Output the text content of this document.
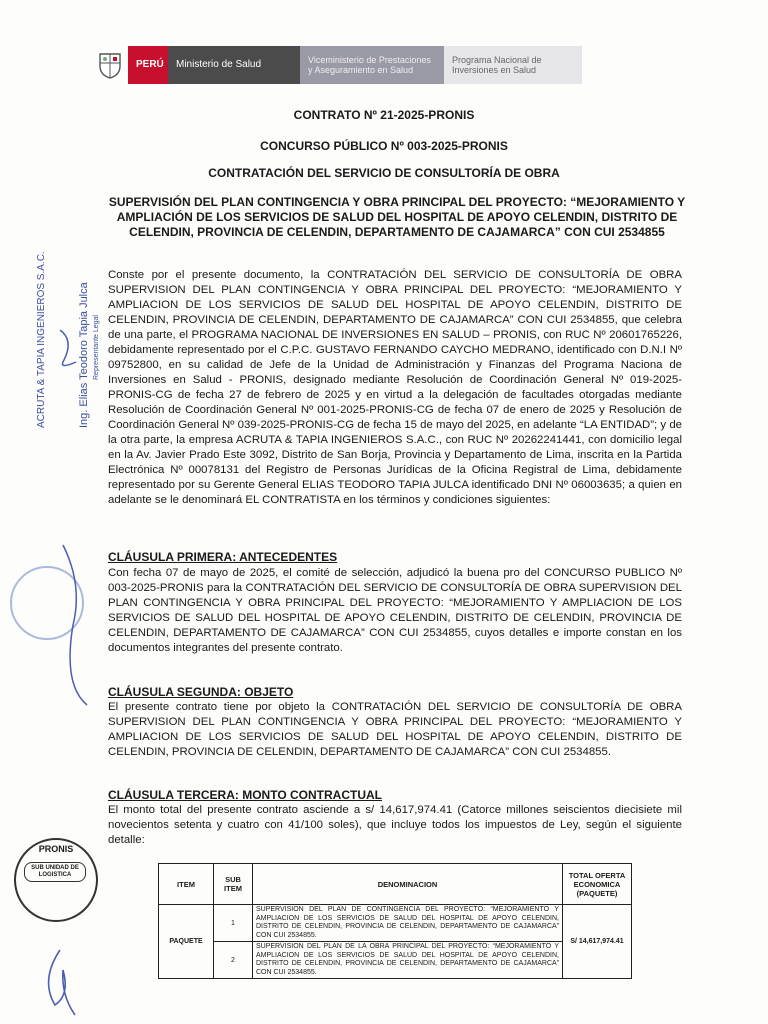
PERÚ	Ministerio de Salud	Viceministerio de Prestaciones y Aseguramiento en Salud
Programa Nacional de Inversiones en Salud
CONTRATO Nº 21-2025-PRONIS
CONCURSO PÚBLICO Nº 003-2025-PRONIS
CONTRATACIÓN DEL SERVICIO DE CONSULTORÍA DE OBRA
SUPERVISIÓN DEL PLAN CONTINGENCIA Y OBRA PRINCIPAL DEL PROYECTO: “MEJORAMIENTO Y AMPLIACIÓN DE LOS SERVICIOS DE SALUD DEL HOSPITAL DE APOYO CELENDIN, DISTRITO DE CELENDIN, PROVINCIA DE CELENDIN, DEPARTAMENTO DE CAJAMARCA” CON CUI 2534855
Conste por el presente documento, la CONTRATACIÓN DEL SERVICIO DE CONSULTORÍA DE OBRA SUPERVISION DEL PLAN CONTINGENCIA Y OBRA PRINCIPAL DEL PROYECTO: “MEJORAMIENTO Y AMPLIACION DE LOS SERVICIOS DE SALUD DEL HOSPITAL DE APOYO CELENDIN, DISTRITO DE CELENDIN, PROVINCIA DE CELENDIN, DEPARTAMENTO DE CAJAMARCA” CON CUI 2534855, que celebra de una parte, el PROGRAMA NACIONAL DE INVERSIONES EN SALUD – PRONIS, con RUC Nº 20601765226, debidamente representado por el C.P.C. GUSTAVO FERNANDO CAYCHO MEDRANO, identificado con D.N.I Nº 09752800, en su calidad de Jefe de la Unidad de Administración y Finanzas del Programa Naciona de Inversiones en Salud - PRONIS, designado mediante Resolución de Coordinación General Nº 019-2025-PRONIS-CG de fecha 27 de febrero de 2025 y en virtud a la delegación de facultades otorgadas mediante Resolución de Coordinación General Nº 001-2025-PRONIS-CG de fecha 07 de enero de 2025 y Resolución de Coordinación General Nº 039-2025-PRONIS-CG de fecha 15 de mayo del 2025, en adelante “LA ENTIDAD”; y de la otra parte, la empresa ACRUTA & TAPIA INGENIEROS S.A.C., con RUC Nº 20262241441, con domicilio legal en la Av. Javier Prado Este 3092, Distrito de San Borja, Provincia y Departamento de Lima, inscrita en la Partida Electrónica Nº 00078131 del Registro de Personas Jurídicas de la Oficina Registral de Lima, debidamente representado por su Gerente General ELIAS TEODORO TAPIA JULCA identificado DNI Nº 06003635; a quien en adelante se le denominará EL CONTRATISTA en los términos y condiciones siguientes:
CLÁUSULA PRIMERA: ANTECEDENTES
Con fecha 07 de mayo de 2025, el comité de selección, adjudicó la buena pro del CONCURSO PUBLICO Nº 003-2025-PRONIS para la CONTRATACIÓN DEL SERVICIO DE CONSULTORÍA DE OBRA SUPERVISION DEL PLAN CONTINGENCIA Y OBRA PRINCIPAL DEL PROYECTO: “MEJORAMIENTO Y AMPLIACION DE LOS SERVICIOS DE SALUD DEL HOSPITAL DE APOYO CELENDIN, DISTRITO DE CELENDIN, PROVINCIA DE CELENDIN, DEPARTAMENTO DE CAJAMARCA” CON CUI 2534855, cuyos detalles e importe constan en los documentos integrantes del presente contrato.
CLÁUSULA SEGUNDA: OBJETO
El presente contrato tiene por objeto la CONTRATACIÓN DEL SERVICIO DE CONSULTORÍA DE OBRA SUPERVISION DEL PLAN CONTINGENCIA Y OBRA PRINCIPAL DEL PROYECTO: “MEJORAMIENTO Y AMPLIACION DE LOS SERVICIOS DE SALUD DEL HOSPITAL DE APOYO CELENDIN, DISTRITO DE CELENDIN, PROVINCIA DE CELENDIN, DEPARTAMENTO DE CAJAMARCA” CON CUI 2534855.
CLÁUSULA TERCERA: MONTO CONTRACTUAL
El monto total del presente contrato asciende a s/ 14,617,974.41 (Catorce millones seiscientos diecisiete mil novecientos setenta y cuatro con 41/100 soles), que incluye todos los impuestos de Ley, según el siguiente detalle:
ITEM	SUB ITEM	DENOMINACION	TOTAL OFERTA ECONOMICA (PAQUETE)
PAQUETE	1	SUPERVISION DEL PLAN DE CONTINGENCIA DEL PROYECTO: “MEJORAMIENTO Y AMPLIACION DE LOS SERVICIOS DE SALUD DEL HOSPITAL DE APOYO CELENDIN, DISTRITO DE CELENDIN, PROVINCIA DE CELENDIN, DEPARTAMENTO DE CAJAMARCA” CON CUI 2534855.	S/ 14,617,974.41
	2	SUPERVISION DEL PLAN DE LA OBRA PRINCIPAL DEL PROYECTO: “MEJORAMIENTO Y AMPLIACION DE LOS SERVICIOS DE SALUD DEL HOSPITAL DE APOYO CELENDIN, DISTRITO DE CELENDIN, PROVINCIA DE CELENDIN, DEPARTAMENTO DE CAJAMARCA” CON CUI 2534855.	
ACRUTA & TAPIA INGENIEROS S.A.C.	Ing. Elias Teodoro Tapia Julca Representante Legal
SUB UNIDAD DE LOGISTICA
PRONIS
